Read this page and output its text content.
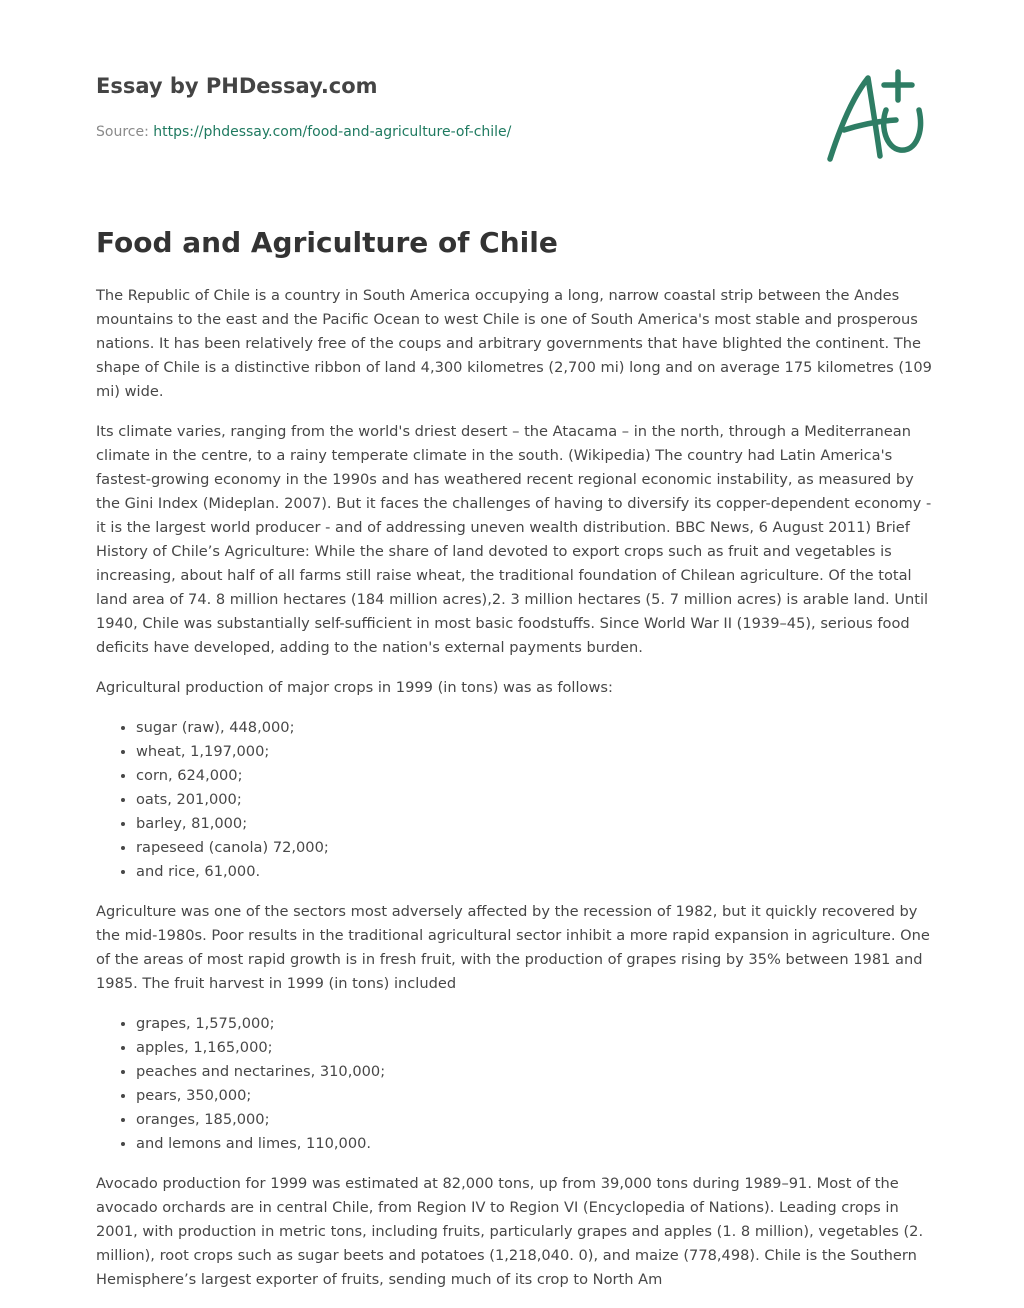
Essay by PHDessay.com
Source: https://phdessay.com/food-and-agriculture-of-chile/
Food and Agriculture of Chile

The Republic of Chile is a country in South America occupying a long, narrow coastal strip between the Andes mountains to the east and the Pacific Ocean to west Chile is one of South America's most stable and prosperous nations. It has been relatively free of the coups and arbitrary governments that have blighted the continent. The shape of Chile is a distinctive ribbon of land 4,300 kilometres (2,700 mi) long and on average 175 kilometres (109 mi) wide.

Its climate varies, ranging from the world's driest desert – the Atacama – in the north, through a Mediterranean climate in the centre, to a rainy temperate climate in the south. (Wikipedia) The country had Latin America's fastest-growing economy in the 1990s and has weathered recent regional economic instability, as measured by the Gini Index (Mideplan. 2007). But it faces the challenges of having to diversify its copper-dependent economy - it is the largest world producer - and of addressing uneven wealth distribution. BBC News, 6 August 2011) Brief History of Chile’s Agriculture: While the share of land devoted to export crops such as fruit and vegetables is increasing, about half of all farms still raise wheat, the traditional foundation of Chilean agriculture. Of the total land area of 74. 8 million hectares (184 million acres),2. 3 million hectares (5. 7 million acres) is arable land. Until 1940, Chile was substantially self-sufficient in most basic foodstuffs. Since World War II (1939–45), serious food deficits have developed, adding to the nation's external payments burden.

Agricultural production of major crops in 1999 (in tons) was as follows:

• sugar (raw), 448,000;
• wheat, 1,197,000;
• corn, 624,000;
• oats, 201,000;
• barley, 81,000;
• rapeseed (canola) 72,000;
• and rice, 61,000.

Agriculture was one of the sectors most adversely affected by the recession of 1982, but it quickly recovered by the mid-1980s. Poor results in the traditional agricultural sector inhibit a more rapid expansion in agriculture. One of the areas of most rapid growth is in fresh fruit, with the production of grapes rising by 35% between 1981 and 1985. The fruit harvest in 1999 (in tons) included

• grapes, 1,575,000;
• apples, 1,165,000;
• peaches and nectarines, 310,000;
• pears, 350,000;
• oranges, 185,000;
• and lemons and limes, 110,000.

Avocado production for 1999 was estimated at 82,000 tons, up from 39,000 tons during 1989–91. Most of the avocado orchards are in central Chile, from Region IV to Region VI (Encyclopedia of Nations). Leading crops in 2001, with production in metric tons, including fruits, particularly grapes and apples (1. 8 million), vegetables (2. million), root crops such as sugar beets and potatoes (1,218,040. 0), and maize (778,498). Chile is the Southern Hemisphere’s largest exporter of fruits, sending much of its crop to North Am
